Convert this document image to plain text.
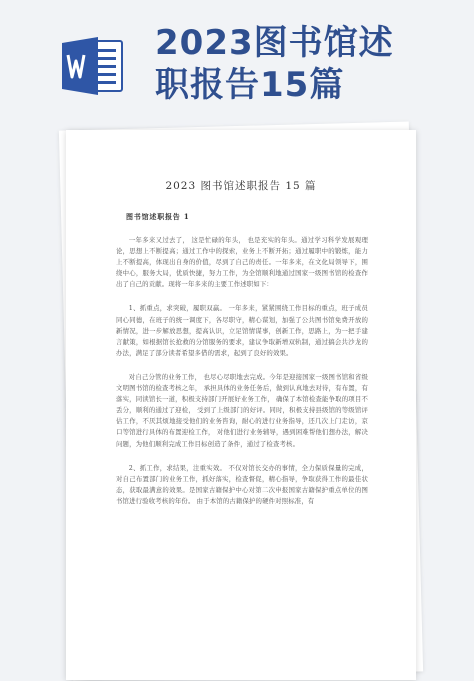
2023图书馆述
职报告15篇
2023 图书馆述职报告 15 篇
图书馆述职报告 1

一年多来又过去了， 这是忙碌的年头， 也是充实的年头。通过学习科学发展观理论，思想上不断提高；通过工作中的探索，业务上不断开拓；通过履职中的锻炼，能力上不断提高，体现出自身的价值，尽到了自己的责任。一年多来，在文化局领导下，围绕中心，服务大局，优质快捷，努力工作，为全馆顺利地通过国家一级图书馆的检查作出了自己的贡献。现将一年多来的主要工作述职如下：

1、抓重点，求突破，履职双赢。 一年多来，紧紧围绕工作目标的重点，班子成员同心同德，在班子的统一调度下，各尽职守，精心谋划，加强了公共图书馆免费开放的新情况，进一步解放思想，提高认识，立足馆情谋事，创新工作，思路上，为一把手建言献策，如根据馆长抢救的分馆服务的要求，建议争取新增双轨制，通过搞会共沙龙的办法，满足了部分读者希望多借的需求，起到了良好的效果。

对自己分管的业务工作， 也尽心尽职地去完成。今年是迎接国家一级图书馆和省级文明图书馆的检查考核之年， 承担具体的业务任务后，做到认真地去对待，有布置，有落实，同读馆长一道，积极支持部门开展好业务工作， 确保了本馆检查能争取的项目不丢分，顺利的通过了迎检， 受到了上级部门的好评。同时，积极支持县级馆的等级馆评估工作，不厌其烦地接受他们的业务咨询，耐心的进行业务指导，还几次上门走访，京口等馆进行具体的布置迎检工作， 对他们进行业务辅导，遇到困难帮他们想办法，解决问题，为他们顺利完成工作目标创造了条件，通过了检查考核。

2、抓工作，求结果，注重实效。 不仅对馆长交办的事情，全力保质保量的完成，对自己布置部门的业务工作，抓好落实，检查督促，精心指导，争取获得工作的最佳状态，获取最满意的效果。是国家古籍保护中心对第二次申报国家古籍保护重点单位的图书馆进行验收考核的年份。 由于本馆的古籍保护的硬件对照标准，有
